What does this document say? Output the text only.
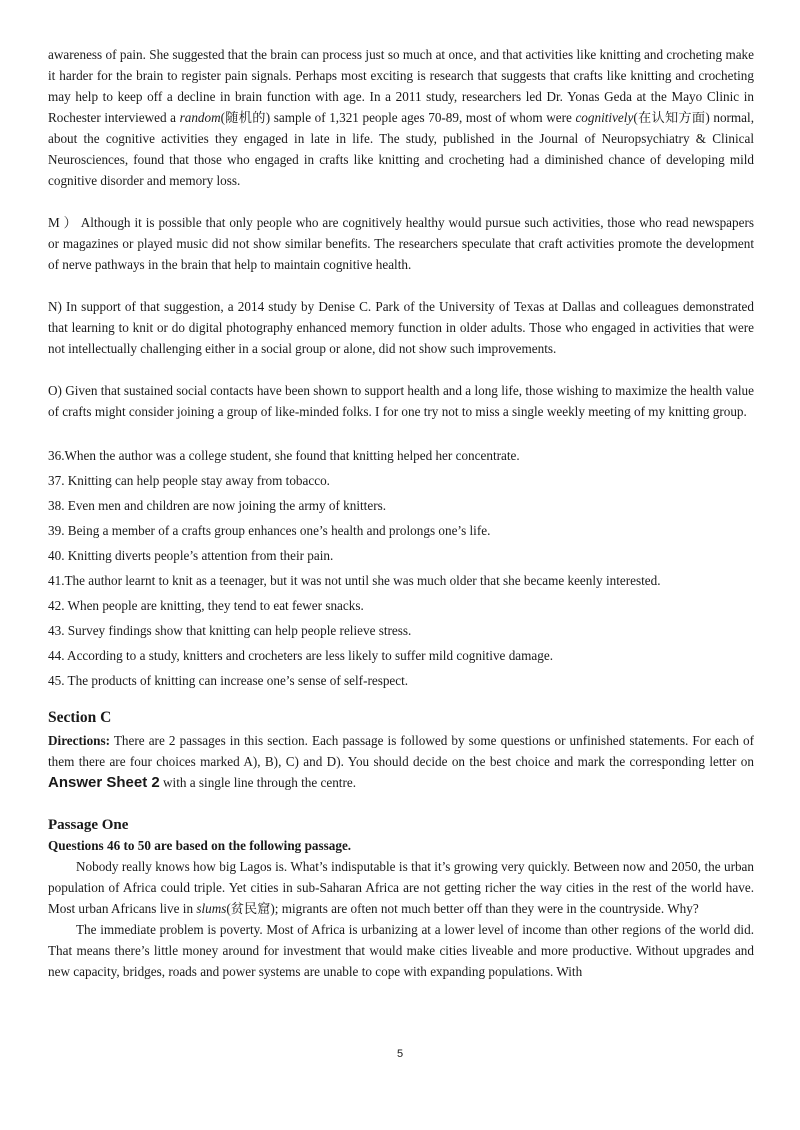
awareness of pain. She suggested that the brain can process just so much at once, and that activities like knitting and crocheting make it harder for the brain to register pain signals. Perhaps most exciting is research that suggests that crafts like knitting and crocheting may help to keep off a decline in brain function with age. In a 2011 study, researchers led Dr. Yonas Geda at the Mayo Clinic in Rochester interviewed a random(随机的) sample of 1,321 people ages 70-89, most of whom were cognitively(在认知方面) normal, about the cognitive activities they engaged in late in life. The study, published in the Journal of Neuropsychiatry & Clinical Neurosciences, found that those who engaged in crafts like knitting and crocheting had a diminished chance of developing mild cognitive disorder and memory loss.

M ） Although it is possible that only people who are cognitively healthy would pursue such activities, those who read newspapers or magazines or played music did not show similar benefits. The researchers speculate that craft activities promote the development of nerve pathways in the brain that help to maintain cognitive health.

N) In support of that suggestion, a 2014 study by Denise C. Park of the University of Texas at Dallas and colleagues demonstrated that learning to knit or do digital photography enhanced memory function in older adults. Those who engaged in activities that were not intellectually challenging either in a social group or alone, did not show such improvements.

O) Given that sustained social contacts have been shown to support health and a long life, those wishing to maximize the health value of crafts might consider joining a group of like-minded folks. I for one try not to miss a single weekly meeting of my knitting group.

36.When the author was a college student, she found that knitting helped her concentrate.
37. Knitting can help people stay away from tobacco.
38. Even men and children are now joining the army of knitters.
39. Being a member of a crafts group enhances one’s health and prolongs one’s life.
40. Knitting diverts people’s attention from their pain.
41.The author learnt to knit as a teenager, but it was not until she was much older that she became keenly interested.
42. When people are knitting, they tend to eat fewer snacks.
43. Survey findings show that knitting can help people relieve stress.
44. According to a study, knitters and crocheters are less likely to suffer mild cognitive damage.
45. The products of knitting can increase one’s sense of self-respect.
Section C

Directions: There are 2 passages in this section. Each passage is followed by some questions or unfinished statements. For each of them there are four choices marked A), B), C) and D). You should decide on the best choice and mark the corresponding letter on Answer Sheet 2 with a single line through the centre.

Passage One
Questions 46 to 50 are based on the following passage.

Nobody really knows how big Lagos is. What’s indisputable is that it’s growing very quickly. Between now and 2050, the urban population of Africa could triple. Yet cities in sub-Saharan Africa are not getting richer the way cities in the rest of the world have. Most urban Africans live in slums(贫民窟); migrants are often not much better off than they were in the countryside. Why?

The immediate problem is poverty. Most of Africa is urbanizing at a lower level of income than other regions of the world did. That means there’s little money around for investment that would make cities liveable and more productive. Without upgrades and new capacity, bridges, roads and power systems are unable to cope with expanding populations. With

5
